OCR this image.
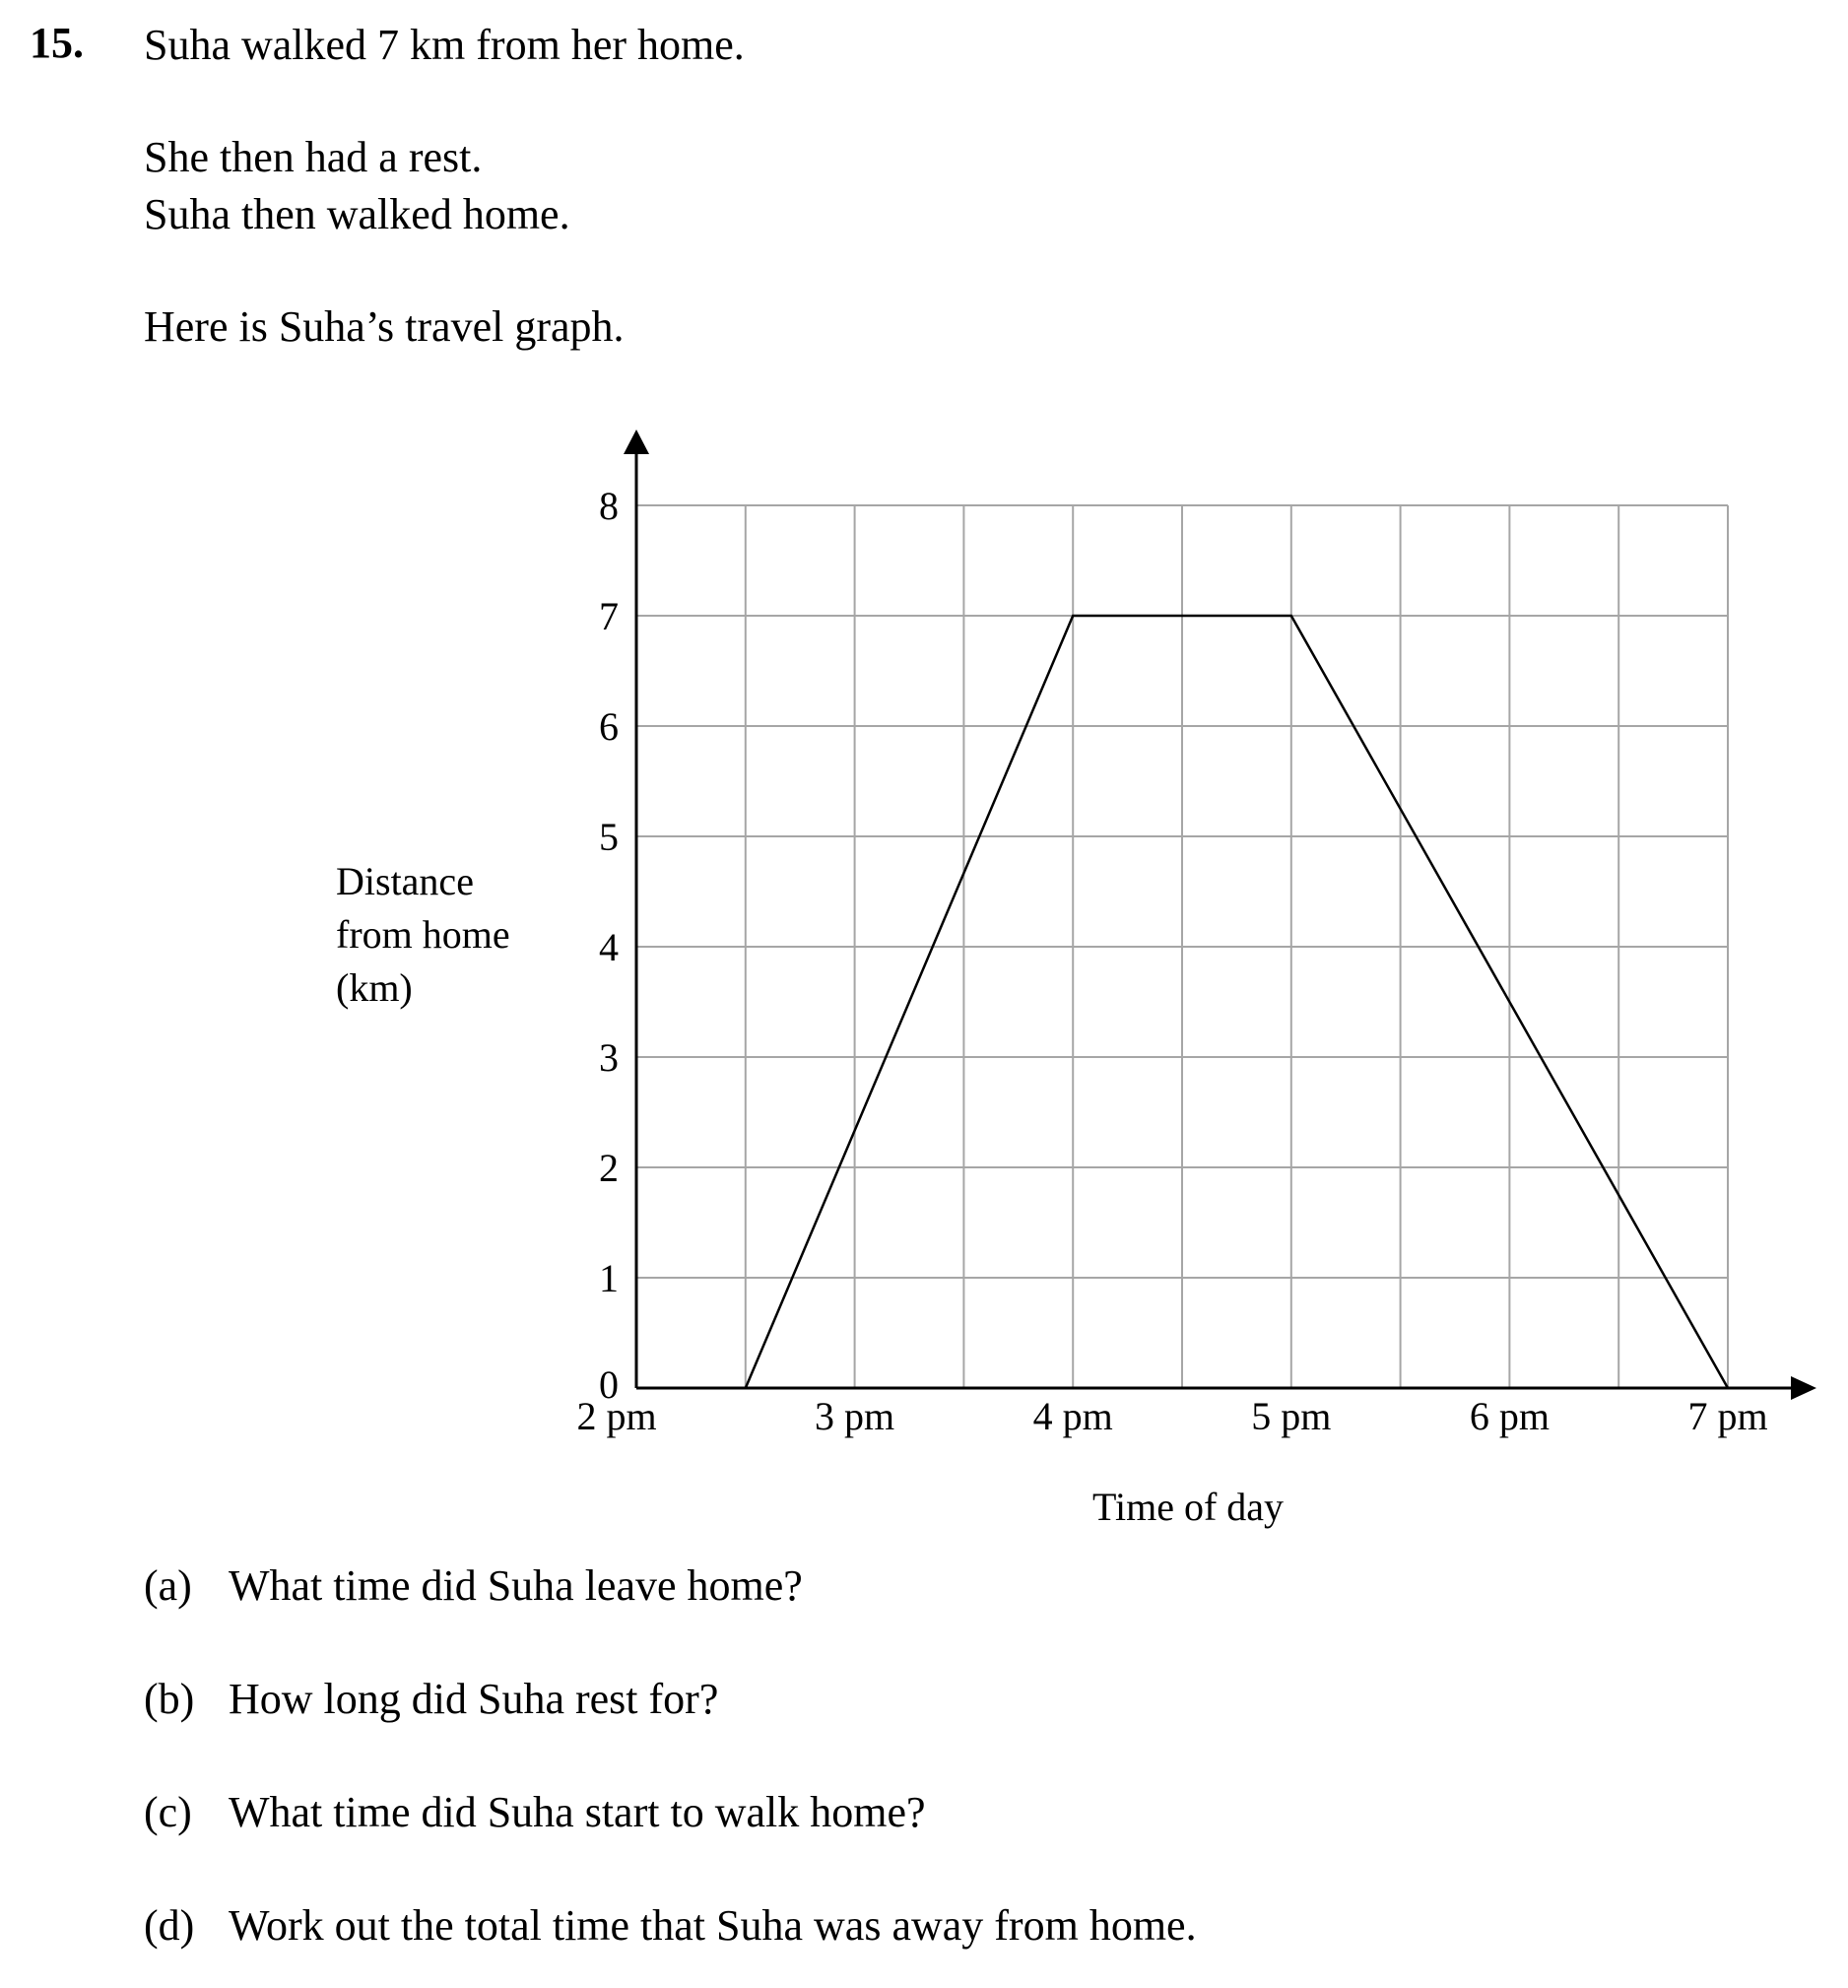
15. Suha walked 7 km from her home.
She then had a rest.
Suha then walked home.
Here is Suha’s travel graph.
0
1
2
3
4
5
6
7
8
2 pm	3 pm	4 pm	5 pm	6 pm	7 pm
Time of day
Distance
from home
(km)
(a) What time did Suha leave home?
(b) How long did Suha rest for?
(c) What time did Suha start to walk home?
(d) Work out the total time that Suha was away from home.
